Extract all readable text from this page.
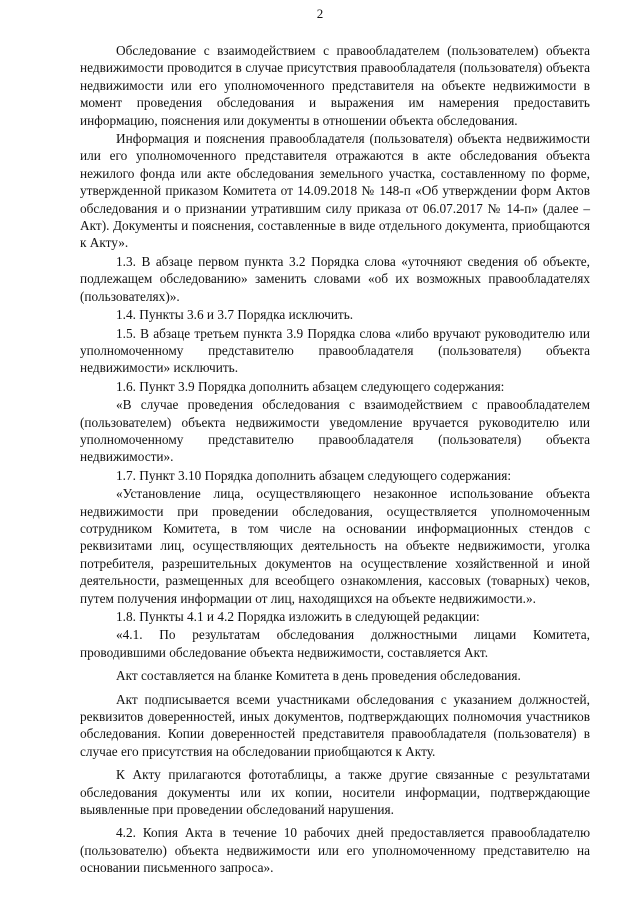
2

Обследование с взаимодействием с правообладателем (пользователем) объекта недвижимости проводится в случае присутствия правообладателя (пользователя) объекта недвижимости или его уполномоченного представителя на объекте недвижимости в момент проведения обследования и выражения им намерения предоставить информацию, пояснения или документы в отношении объекта обследования.

Информация и пояснения правообладателя (пользователя) объекта недвижимости или его уполномоченного представителя отражаются в акте обследования объекта нежилого фонда или акте обследования земельного участка, составленному по форме, утвержденной приказом Комитета от 14.09.2018 № 148-п «Об утверждении форм Актов обследования и о признании утратившим силу приказа от 06.07.2017 № 14-п» (далее – Акт). Документы и пояснения, составленные в виде отдельного документа, приобщаются к Акту».

1.3. В абзаце первом пункта 3.2 Порядка слова «уточняют сведения об объекте, подлежащем обследованию» заменить словами «об их возможных правообладателях (пользователях)».

1.4. Пункты 3.6 и 3.7 Порядка исключить.

1.5. В абзаце третьем пункта 3.9 Порядка слова «либо вручают руководителю или уполномоченному представителю правообладателя (пользователя) объекта недвижимости» исключить.

1.6. Пункт 3.9 Порядка дополнить абзацем следующего содержания:

«В случае проведения обследования с взаимодействием с правообладателем (пользователем) объекта недвижимости уведомление вручается руководителю или уполномоченному представителю правообладателя (пользователя) объекта недвижимости».

1.7. Пункт 3.10 Порядка дополнить абзацем следующего содержания:

«Установление лица, осуществляющего незаконное использование объекта недвижимости при проведении обследования, осуществляется уполномоченным сотрудником Комитета, в том числе на основании информационных стендов с реквизитами лиц, осуществляющих деятельность на объекте недвижимости, уголка потребителя, разрешительных документов на осуществление хозяйственной и иной деятельности, размещенных для всеобщего ознакомления, кассовых (товарных) чеков, путем получения информации от лиц, находящихся на объекте недвижимости.».

1.8. Пункты 4.1 и 4.2 Порядка изложить в следующей редакции:

«4.1. По результатам обследования должностными лицами Комитета, проводившими обследование объекта недвижимости, составляется Акт.

Акт составляется на бланке Комитета в день проведения обследования.

Акт подписывается всеми участниками обследования с указанием должностей, реквизитов доверенностей, иных документов, подтверждающих полномочия участников обследования. Копии доверенностей представителя правообладателя (пользователя) в случае его присутствия на обследовании приобщаются к Акту.

К Акту прилагаются фототаблицы, а также другие связанные с результатами обследования документы или их копии, носители информации, подтверждающие выявленные при проведении обследований нарушения.

4.2. Копия Акта в течение 10 рабочих дней предоставляется правообладателю (пользователю) объекта недвижимости или его уполномоченному представителю на основании письменного запроса».
